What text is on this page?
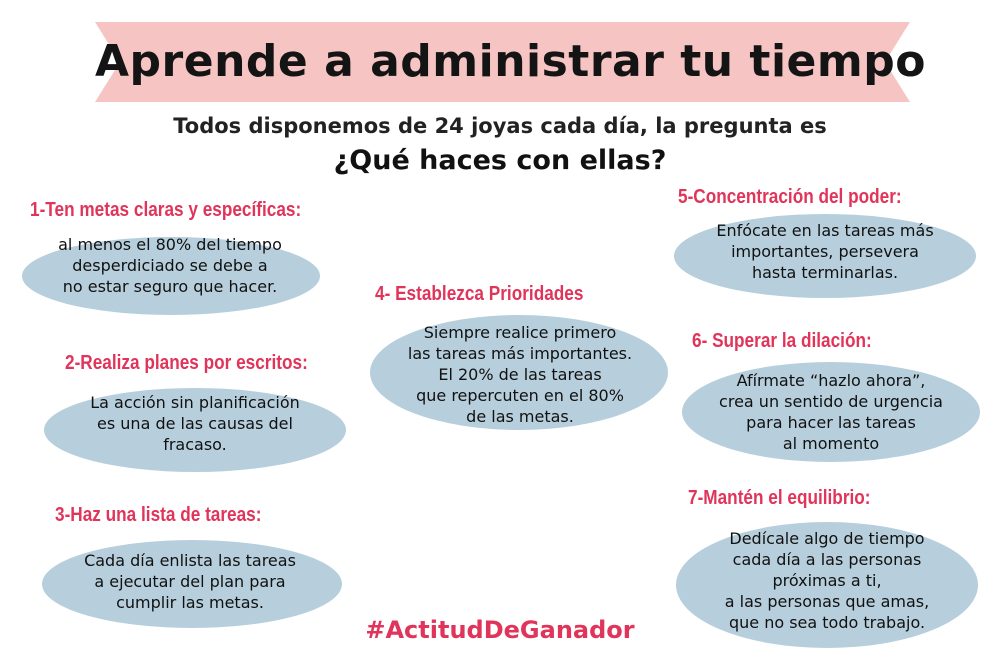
Aprende a administrar tu tiempo
Todos disponemos de 24 joyas cada día, la pregunta es
¿Qué haces con ellas?
1-Ten metas claras y específicas:
al menos el 80% del tiempo
desperdiciado se debe a
no estar seguro que hacer.
2-Realiza planes por escritos:
La acción sin planificación
es una de las causas del
fracaso.
3-Haz una lista de tareas:
Cada día enlista las tareas
a ejecutar del plan para
cumplir las metas.
4- Establezca Prioridades
Siempre realice primero
las tareas más importantes.
El 20% de las tareas
que repercuten en el 80%
de las metas.
5-Concentración del poder:
Enfócate en las tareas más
importantes, persevera
hasta terminarlas.
6- Superar la dilación:
Afírmate “hazlo ahora”,
crea un sentido de urgencia
para hacer las tareas
al momento
7-Mantén el equilibrio:
Dedícale algo de tiempo
cada día a las personas
próximas a ti,
a las personas que amas,
que no sea todo trabajo.
#ActitudDeGanador
